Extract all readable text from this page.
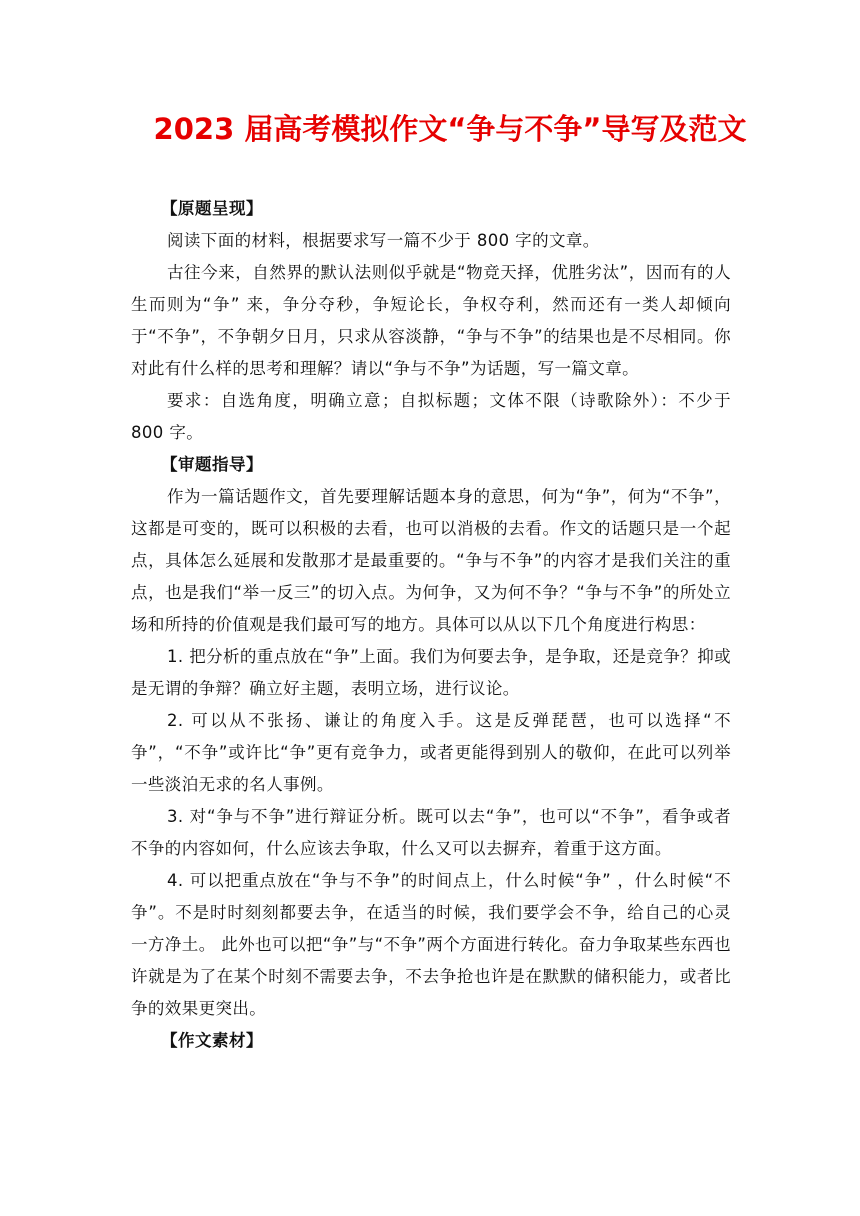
2023 届高考模拟作文“争与不争”导写及范文
【原题呈现】

阅读下面的材料，根据要求写一篇不少于 800 字的文章。

古往今来，自然界的默认法则似乎就是“物竞天择，优胜劣汰”，因而有的人生而则为“争” 来，争分夺秒，争短论长，争权夺利，然而还有一类人却倾向于“不争”，不争朝夕日月，只求从容淡静，“争与不争”的结果也是不尽相同。你对此有什么样的思考和理解？请以“争与不争”为话题，写一篇文章。

要求：自选角度，明确立意；自拟标题；文体不限（诗歌除外）：不少于 800 字。

【审题指导】

作为一篇话题作文，首先要理解话题本身的意思，何为“争”，何为“不争”，这都是可变的，既可以积极的去看，也可以消极的去看。作文的话题只是一个起点，具体怎么延展和发散那才是最重要的。“争与不争”的内容才是我们关注的重点，也是我们“举一反三”的切入点。为何争，又为何不争？“争与不争”的所处立场和所持的价值观是我们最可写的地方。具体可以从以下几个角度进行构思：

1. 把分析的重点放在“争”上面。我们为何要去争，是争取，还是竞争？抑或是无谓的争辩？确立好主题，表明立场，进行议论。

2. 可以从不张扬、谦让的角度入手。这是反弹琵琶，也可以选择“不争”，“不争”或许比“争”更有竞争力，或者更能得到别人的敬仰，在此可以列举一些淡泊无求的名人事例。

3. 对“争与不争”进行辩证分析。既可以去“争”，也可以“不争”，看争或者不争的内容如何，什么应该去争取，什么又可以去摒弃，着重于这方面。

4. 可以把重点放在“争与不争”的时间点上，什么时候“争” ，什么时候“不争”。不是时时刻刻都要去争，在适当的时候，我们要学会不争，给自己的心灵一方净土。 此外也可以把“争”与“不争”两个方面进行转化。奋力争取某些东西也许就是为了在某个时刻不需要去争，不去争抢也许是在默默的储积能力，或者比争的效果更突出。

【作文素材】
